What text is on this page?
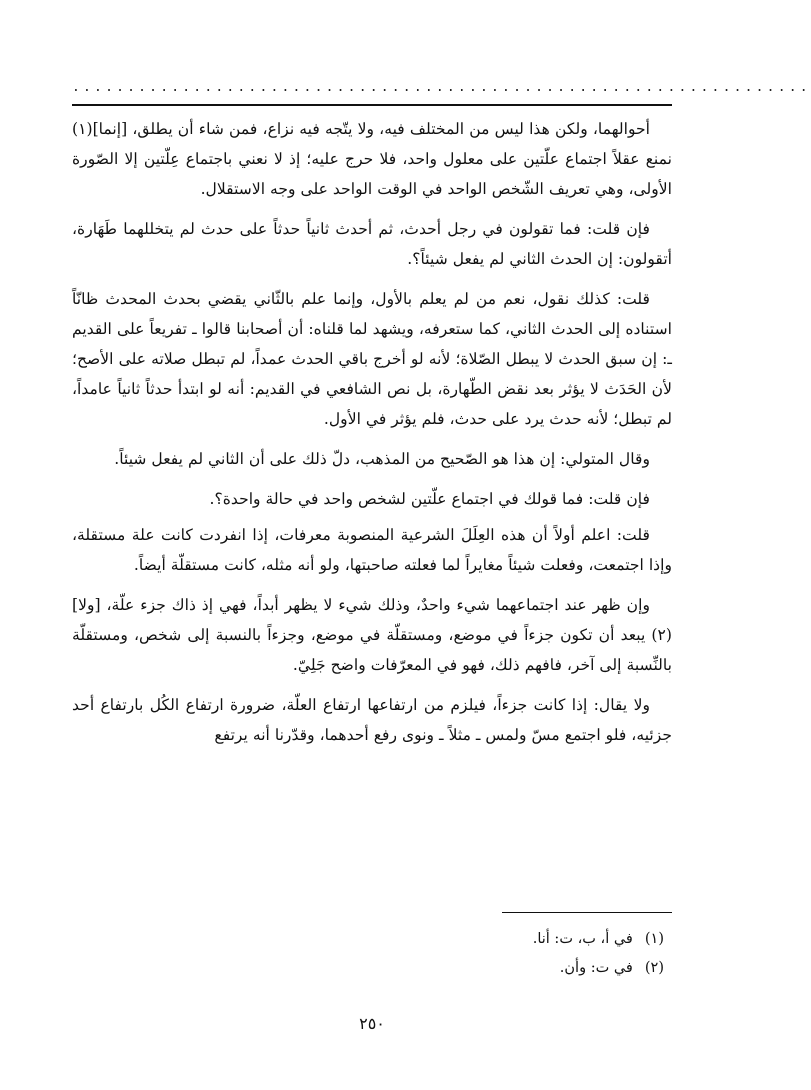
...................................................................

أحوالهما، ولكن هذا ليس من المختلف فيه، ولا يتّجه فيه نزاع، فمن شاء أن يطلق، [إنما](١) نمنع عقلاً اجتماع علّتين على معلول واحد، فلا حرج عليه؛ إذ لا نعني باجتماع عِلّتين إلا الصّورة الأولى، وهي تعريف الشّخص الواحد في الوقت الواحد على وجه الاستقلال.

فإن قلت: فما تقولون في رجل أحدث، ثم أحدث ثانياً حدثاً على حدث لم يتخللهما طَهَارة، أتقولون: إن الحدث الثاني لم يفعل شيئاً؟.

قلت: كذلك نقول، نعم من لم يعلم بالأول، وإنما علم بالثّاني يقضي بحدث المحدث ظانّاً استناده إلى الحدث الثاني، كما ستعرفه، ويشهد لما قلناه: أن أصحابنا قالوا ـ تفريعاً على القديم ـ: إن سبق الحدث لا يبطل الصّلاة؛ لأنه لو أخرج باقي الحدث عمداً، لم تبطل صلاته على الأصح؛ لأن الحَدَث لا يؤثر بعد نقض الطّهارة، بل نص الشافعي في القديم: أنه لو ابتدأ حدثاً ثانياً عامداً، لم تبطل؛ لأنه حدث يرد على حدث، فلم يؤثر في الأول.

وقال المتولي: إن هذا هو الصّحيح من المذهب، دلّ ذلك على أن الثاني لم يفعل شيئاً.

فإن قلت: فما قولك في اجتماع علّتين لشخص واحد في حالة واحدة؟.

قلت: اعلم أولاً أن هذه العِلَلَ الشرعية المنصوبة معرفات، إذا انفردت كانت علة مستقلة، وإذا اجتمعت، وفعلت شيئاً مغايراً لما فعلته صاحبتها، ولو أنه مثله، كانت مستقلّة أيضاً.

وإن ظهر عند اجتماعهما شيء واحدٌ، وذلك شيء لا يظهر أبداً، فهي إذ ذاك جزء علّة، [ولا](٢) يبعد أن تكون جزءاً في موضع، ومستقلّة في موضع، وجزءاً بالنسبة إلى شخص، ومستقلّة بالنِّسبة إلى آخر، فافهم ذلك، فهو في المعرّفات واضح جَلِيّ.

ولا يقال: إذا كانت جزءاً، فيلزم من ارتفاعها ارتفاع العلّة، ضرورة ارتفاع الكُل بارتفاع أحد جزئيه، فلو اجتمع مسّ ولمس ـ مثلاً ـ ونوى رفع أحدهما، وقدّرنا أنه يرتفع

(١)في أ، ب، ت: أنا.

(٢)في ت: وأن.

٢٥٠
